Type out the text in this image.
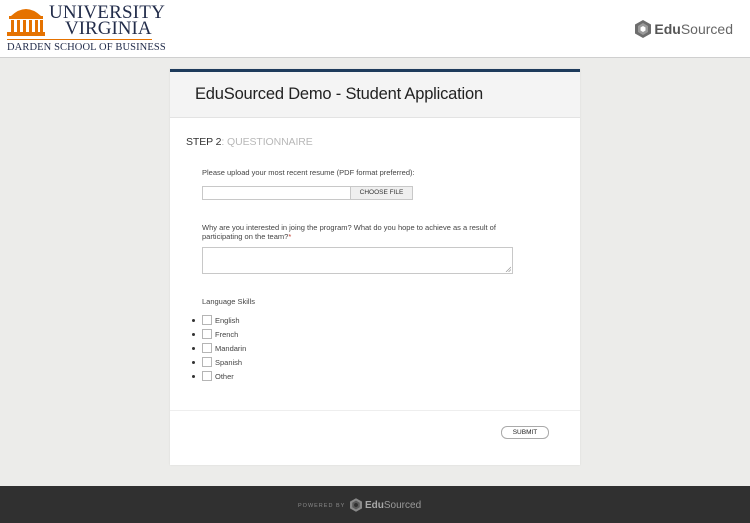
UNIVERSITY
VIRGINIA
DARDEN SCHOOL OF BUSINESS
EduSourced
EduSourced Demo - Student Application
STEP 2: QUESTIONNAIRE
Please upload your most recent resume (PDF format preferred):
CHOOSE FILE
Why are you interested in joing the program? What do you hope to achieve as a result of participating on the team?*
Language Skills
English
French
Mandarin
Spanish
Other
SUBMIT
POWERED BY EduSourced
